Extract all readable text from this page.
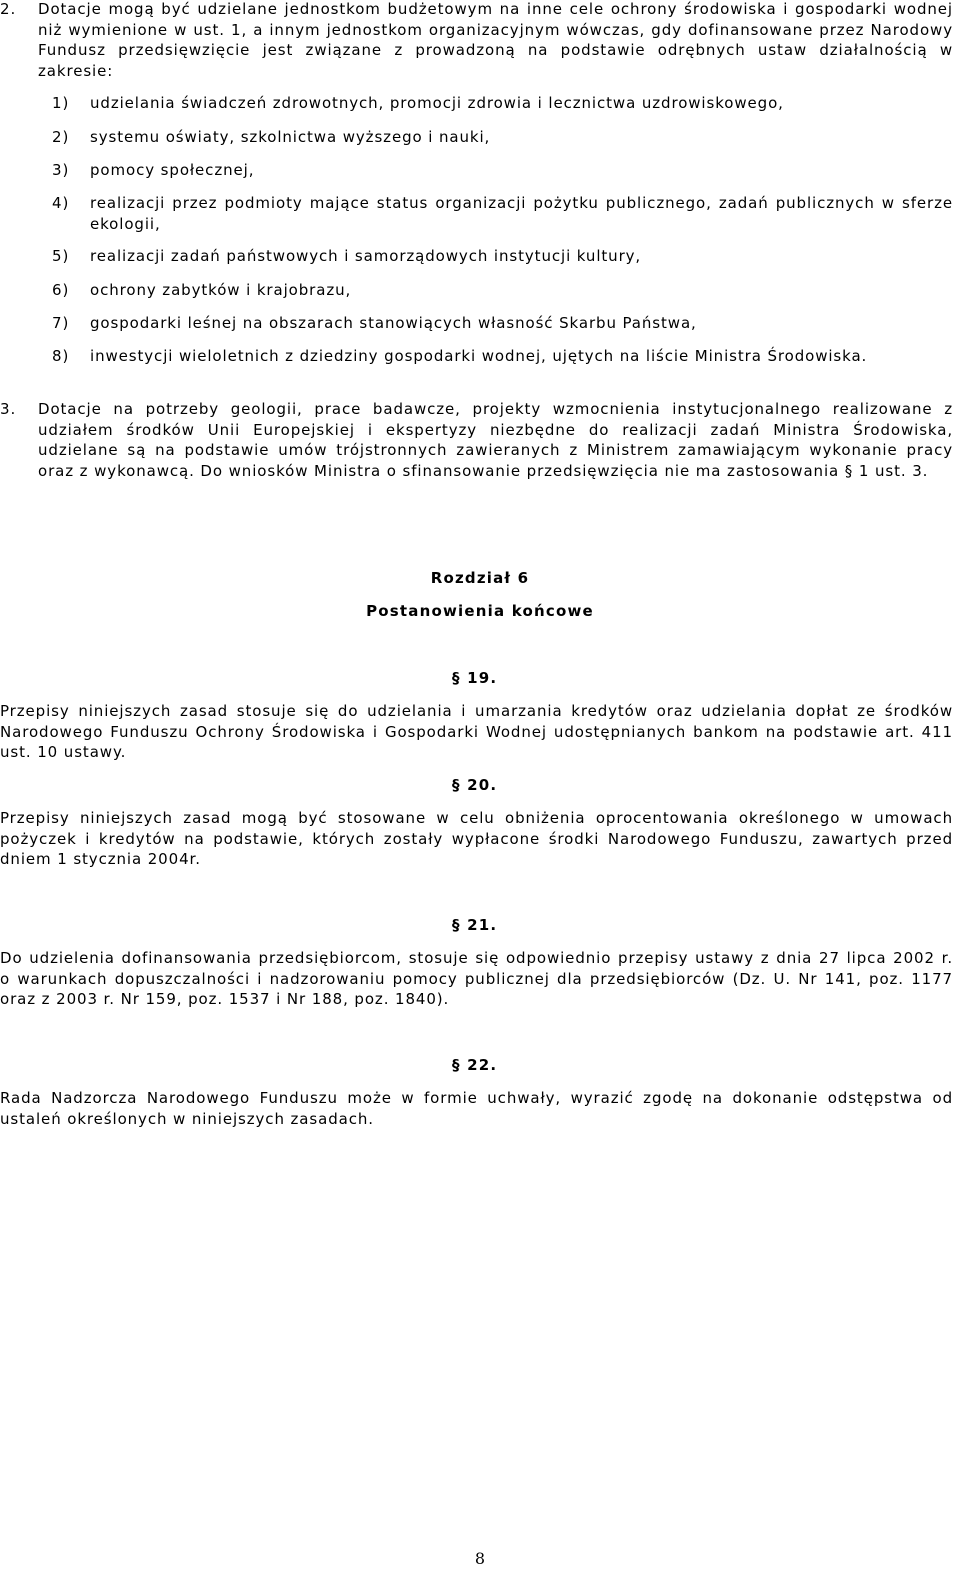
2. Dotacje mogą być udzielane jednostkom budżetowym na inne cele ochrony środowiska i gospodarki wodnej niż wymienione w ust. 1, a innym jednostkom organizacyjnym wówczas, gdy dofinansowane przez Narodowy Fundusz przedsięwzięcie jest związane z prowadzoną na podstawie odrębnych ustaw działalnością w zakresie:
1) udzielania świadczeń zdrowotnych, promocji zdrowia i lecznictwa uzdrowiskowego,
2) systemu oświaty, szkolnictwa wyższego i nauki,
3) pomocy społecznej,
4) realizacji przez podmioty mające status organizacji pożytku publicznego, zadań publicznych w sferze ekologii,
5) realizacji zadań państwowych i samorządowych instytucji kultury,
6) ochrony zabytków i krajobrazu,
7) gospodarki leśnej na obszarach stanowiących własność Skarbu Państwa,
8) inwestycji wieloletnich z dziedziny gospodarki wodnej, ujętych na liście Ministra Środowiska.
3. Dotacje na potrzeby geologii, prace badawcze, projekty wzmocnienia instytucjonalnego realizowane z udziałem środków Unii Europejskiej i ekspertyzy niezbędne do realizacji zadań Ministra Środowiska, udzielane są na podstawie umów trójstronnych zawieranych z Ministrem zamawiającym wykonanie pracy oraz z wykonawcą. Do wniosków Ministra o sfinansowanie przedsięwzięcia nie ma zastosowania § 1 ust. 3.
Rozdział 6
Postanowienia końcowe
§ 19.
Przepisy niniejszych zasad stosuje się do udzielania i umarzania kredytów oraz udzielania dopłat ze środków Narodowego Funduszu Ochrony Środowiska i Gospodarki Wodnej udostępnianych bankom na podstawie art. 411 ust. 10 ustawy.
§ 20.
Przepisy niniejszych zasad mogą być stosowane w celu obniżenia oprocentowania określonego w umowach pożyczek i kredytów na podstawie, których zostały wypłacone środki Narodowego Funduszu, zawartych przed dniem 1 stycznia 2004r.
§ 21.
Do udzielenia dofinansowania przedsiębiorcom, stosuje się odpowiednio przepisy ustawy z dnia 27 lipca 2002 r. o warunkach dopuszczalności i nadzorowaniu pomocy publicznej dla przedsiębiorców (Dz. U. Nr 141, poz. 1177 oraz z 2003 r. Nr 159, poz. 1537 i Nr 188, poz. 1840).
§ 22.
Rada Nadzorcza Narodowego Funduszu może w formie uchwały, wyrazić zgodę na dokonanie odstępstwa od ustaleń określonych w niniejszych zasadach.
8
